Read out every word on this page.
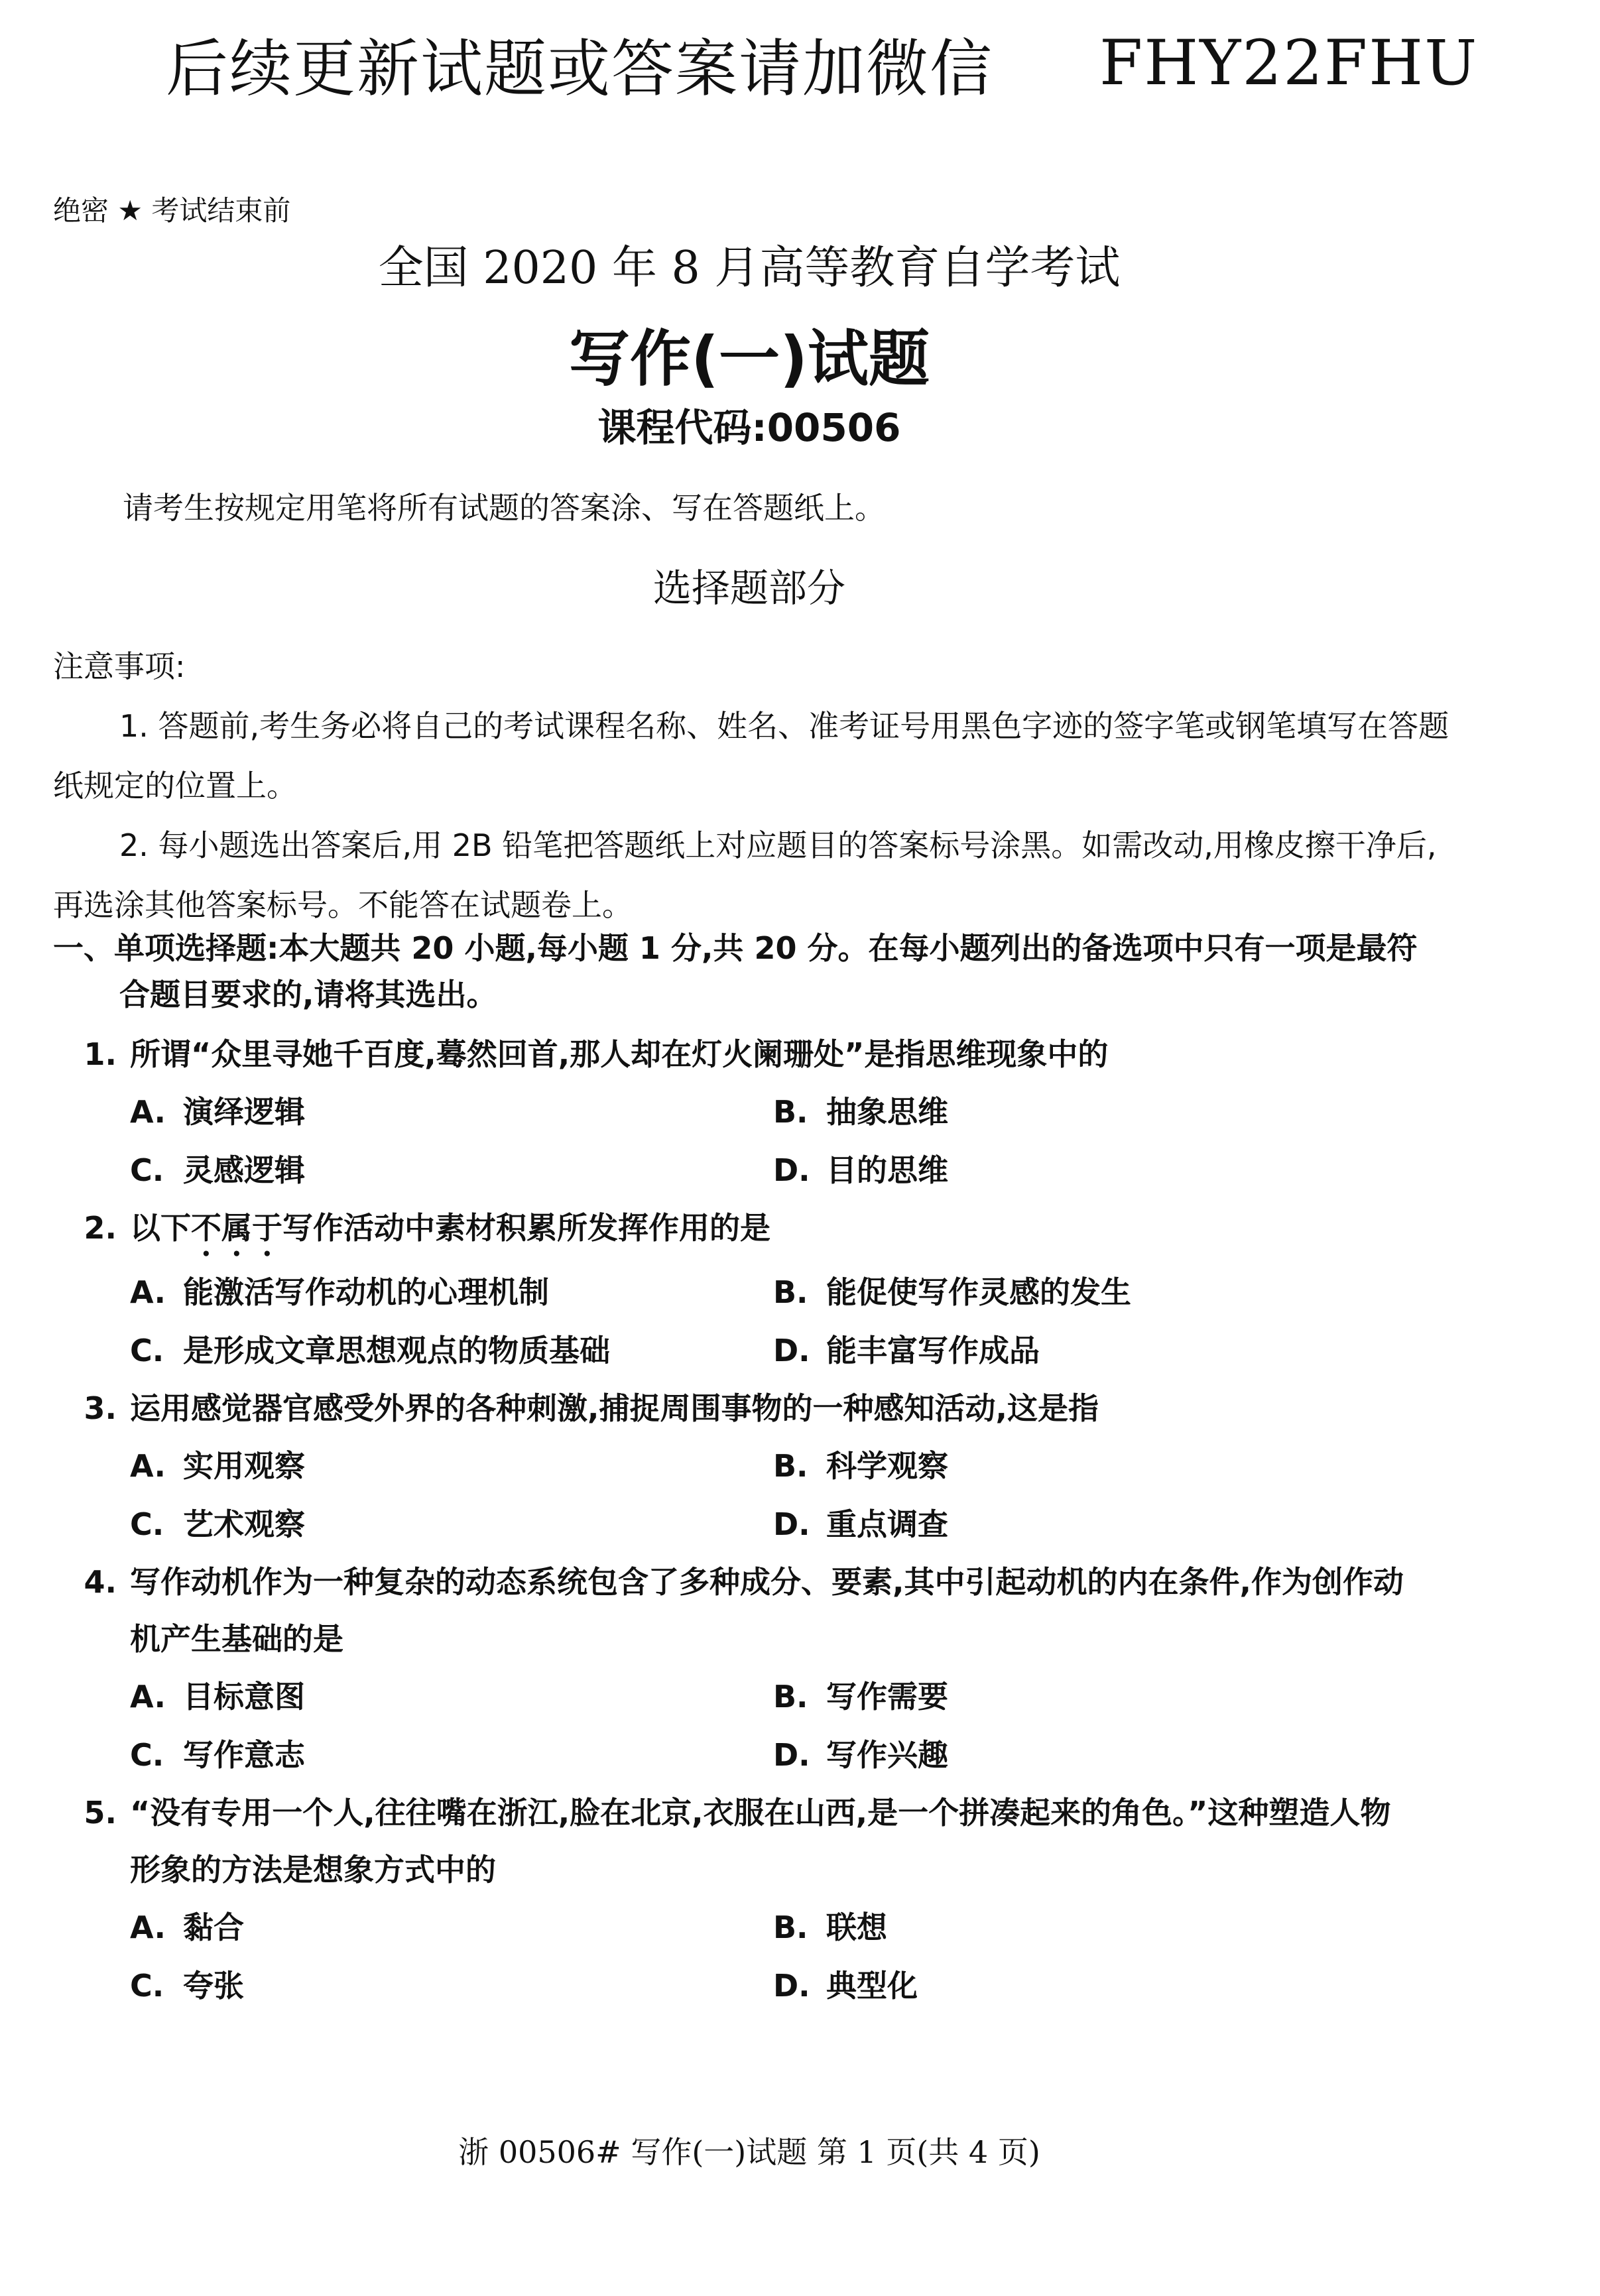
后续更新试题或答案请加微信 FHY22FHU
绝密 ★ 考试结束前
全国 2020 年 8 月高等教育自学考试
写作(一)试题
课程代码:00506
请考生按规定用笔将所有试题的答案涂、写在答题纸上。
选择题部分
注意事项:
1. 答题前,考生务必将自己的考试课程名称、姓名、准考证号用黑色字迹的签字笔或钢笔填写在答题纸规定的位置上。
2. 每小题选出答案后,用 2B 铅笔把答题纸上对应题目的答案标号涂黑。如需改动,用橡皮擦干净后,再选涂其他答案标号。不能答在试题卷上。
一、单项选择题:本大题共 20 小题,每小题 1 分,共 20 分。在每小题列出的备选项中只有一项是最符合题目要求的,请将其选出。
1. 所谓“众里寻她千百度,蓦然回首,那人却在灯火阑珊处”是指思维现象中的
A. 演绎逻辑	B. 抽象思维
C. 灵感逻辑	D. 目的思维
2. 以下不属于写作活动中素材积累所发挥作用的是
A. 能激活写作动机的心理机制	B. 能促使写作灵感的发生
C. 是形成文章思想观点的物质基础	D. 能丰富写作成品
3. 运用感觉器官感受外界的各种刺激,捕捉周围事物的一种感知活动,这是指
A. 实用观察	B. 科学观察
C. 艺术观察	D. 重点调查
4. 写作动机作为一种复杂的动态系统包含了多种成分、要素,其中引起动机的内在条件,作为创作动机产生基础的是
A. 目标意图	B. 写作需要
C. 写作意志	D. 写作兴趣
5. “没有专用一个人,往往嘴在浙江,脸在北京,衣服在山西,是一个拼凑起来的角色。”这种塑造人物形象的方法是想象方式中的
A. 黏合	B. 联想
C. 夸张	D. 典型化
浙 00506# 写作(一)试题 第 1 页(共 4 页)
